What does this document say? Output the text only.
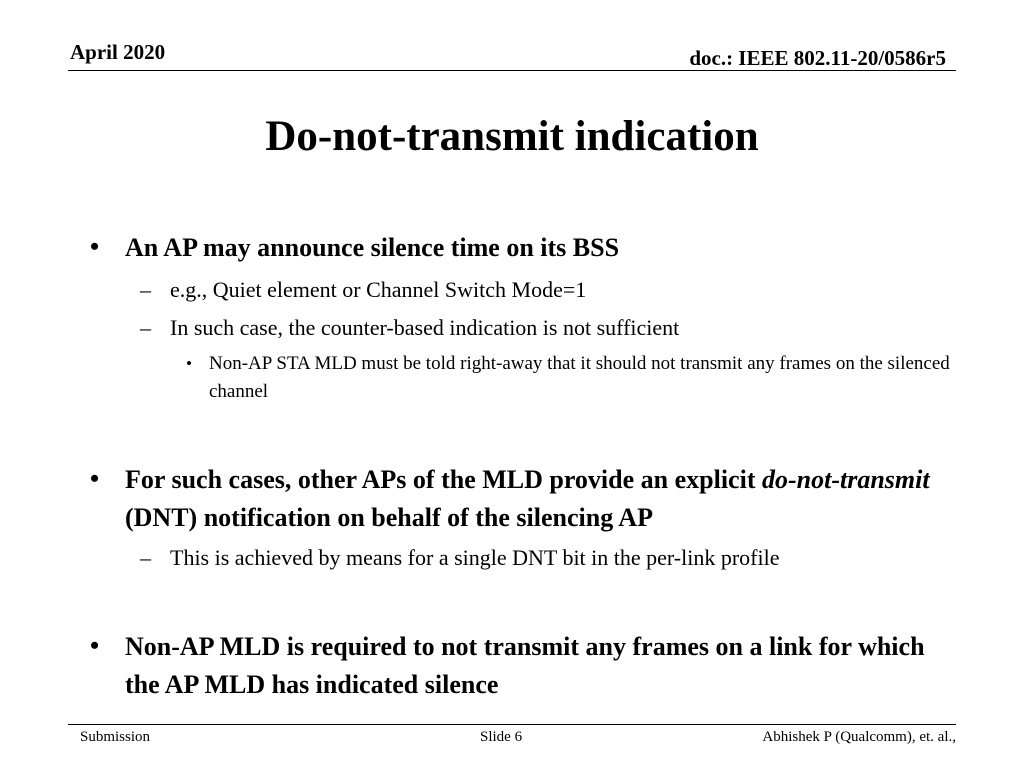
April 2020	doc.: IEEE 802.11-20/0586r5
Do-not-transmit indication
• An AP may announce silence time on its BSS
– e.g., Quiet element or Channel Switch Mode=1
– In such case, the counter-based indication is not sufficient
• Non-AP STA MLD must be told right-away that it should not transmit any frames on the silenced channel
• For such cases, other APs of the MLD provide an explicit do-not-transmit (DNT) notification on behalf of the silencing AP
– This is achieved by means for a single DNT bit in the per-link profile
• Non-AP MLD is required to not transmit any frames on a link for which the AP MLD has indicated silence
Submission	Slide 6	Abhishek P (Qualcomm), et. al.,
